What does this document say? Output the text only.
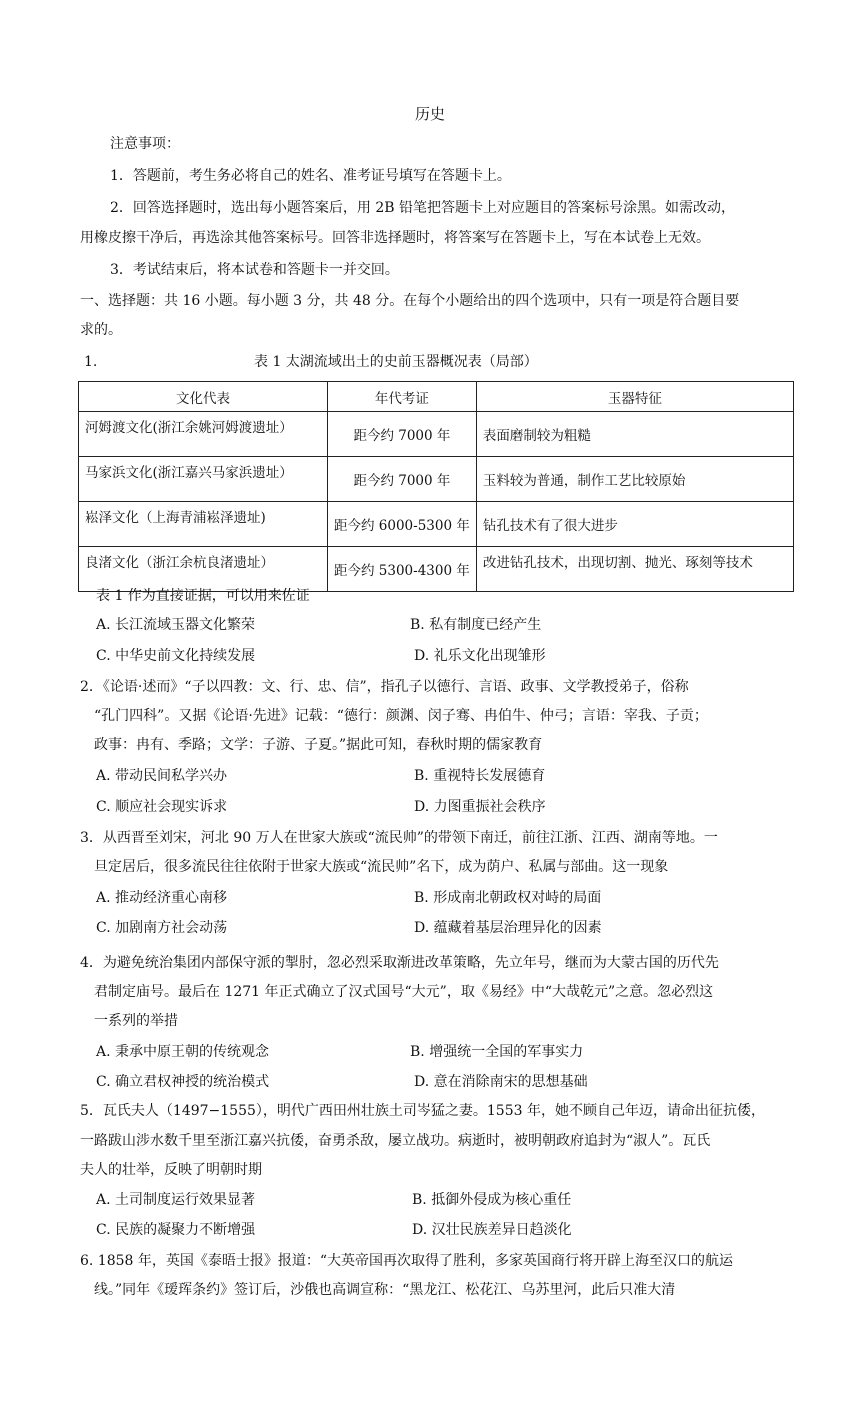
历史
注意事项：
1．答题前，考生务必将自己的姓名、准考证号填写在答题卡上。
2．回答选择题时，选出每小题答案后，用 2B 铅笔把答题卡上对应题目的答案标号涂黑。如需改动，
用橡皮擦干净后，再选涂其他答案标号。回答非选择题时，将答案写在答题卡上，写在本试卷上无效。
3．考试结束后，将本试卷和答题卡一并交回。
一、选择题：共 16 小题。每小题 3 分，共 48 分。在每个小题给出的四个选项中，只有一项是符合题目要
求的。
1.	表 1 太湖流域出土的史前玉器概况表（局部）
文化代表	年代考证	玉器特征
河姆渡文化(浙江余姚河姆渡遗址）	距今约 7000 年	表面磨制较为粗糙
马家浜文化(浙江嘉兴马家浜遗址）	距今约 7000 年	玉料较为普通，制作工艺比较原始
崧泽文化（上海青浦崧泽遗址)	距今约 6000-5300 年	钻孔技术有了很大进步
良渚文化（浙江余杭良渚遗址）	距今约 5300-4300 年	改进钻孔技术，出现切割、抛光、琢刻等技术
表 1 作为直接证据，可以用来佐证
A. 长江流域玉器文化繁荣	B. 私有制度已经产生
C. 中华史前文化持续发展	D. 礼乐文化出现雏形
2．《论语·述而》“子以四教：文、行、忠、信”，指孔子以德行、言语、政事、文学教授弟子，俗称
“孔门四科”。又据《论语·先进》记载：“德行：颜渊、闵子骞、冉伯牛、仲弓；言语：宰我、子贡；
政事：冉有、季路；文学：子游、子夏。”据此可知，春秋时期的儒家教育
A. 带动民间私学兴办	B. 重视特长发展德育
C. 顺应社会现实诉求	D. 力图重振社会秩序
3．从西晋至刘宋，河北 90 万人在世家大族或“流民帅”的带领下南迁，前往江浙、江西、湖南等地。一
旦定居后，很多流民往往依附于世家大族或“流民帅”名下，成为荫户、私属与部曲。这一现象
A. 推动经济重心南移	B. 形成南北朝政权对峙的局面
C. 加剧南方社会动荡	D. 蕴藏着基层治理异化的因素
4．为避免统治集团内部保守派的掣肘，忽必烈采取渐进改革策略，先立年号，继而为大蒙古国的历代先
君制定庙号。最后在 1271 年正式确立了汉式国号“大元”，取《易经》中“大哉乾元”之意。忽必烈这
一系列的举措
A. 秉承中原王朝的传统观念	B. 增强统一全国的军事实力
C. 确立君权神授的统治模式	D. 意在消除南宋的思想基础
5．瓦氏夫人（1497−1555），明代广西田州壮族土司岑猛之妻。1553 年，她不顾自己年迈，请命出征抗倭，
一路跋山涉水数千里至浙江嘉兴抗倭，奋勇杀敌，屡立战功。病逝时，被明朝政府追封为“淑人”。瓦氏
夫人的壮举，反映了明朝时期
A. 土司制度运行效果显著	B. 抵御外侵成为核心重任
C. 民族的凝聚力不断增强	D. 汉壮民族差异日趋淡化
6. 1858 年，英国《泰晤士报》报道：“大英帝国再次取得了胜利，多家英国商行将开辟上海至汉口的航运
线。”同年《瑷珲条约》签订后，沙俄也高调宣称：“黑龙江、松花江、乌苏里河，此后只准大清
